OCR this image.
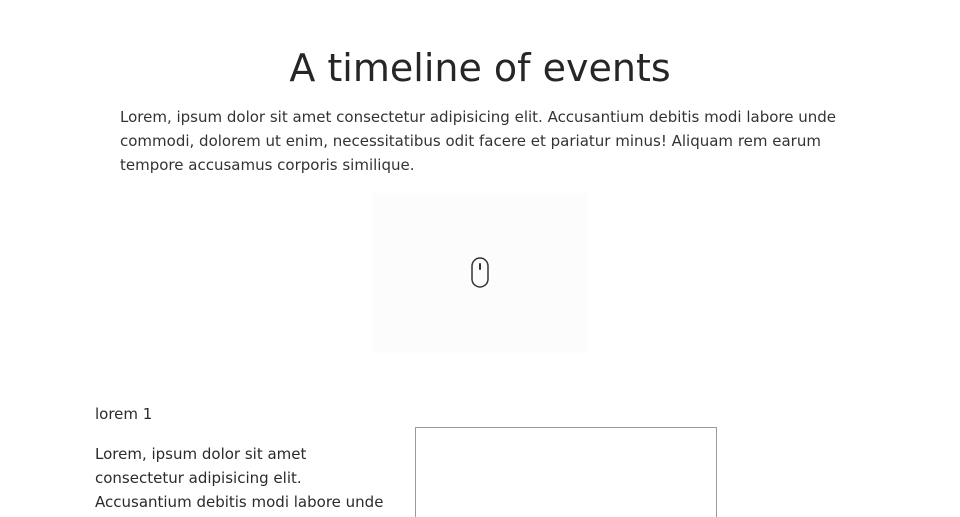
A timeline of events

Lorem, ipsum dolor sit amet consectetur adipisicing elit. Accusantium debitis modi labore unde commodi, dolorem ut enim, necessitatibus odit facere et pariatur minus! Aliquam rem earum tempore accusamus corporis similique.

lorem 1

Lorem, ipsum dolor sit amet consectetur adipisicing elit. Accusantium debitis modi labore unde
